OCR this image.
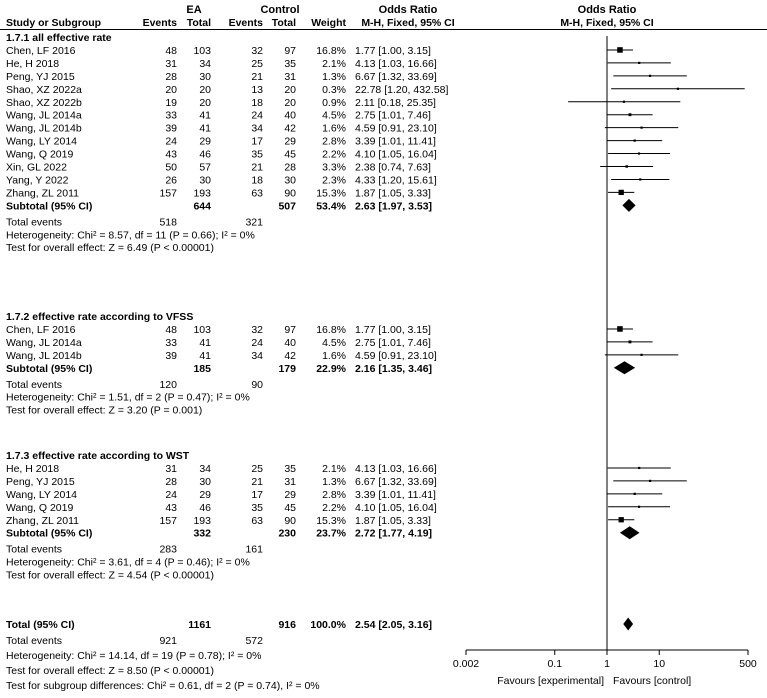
EA	Control	Odds Ratio	Odds Ratio
Study or Subgroup	Events Total Events Total Weight M-H, Fixed, 95% CI	M-H, Fixed, 95% CI
1.7.1 all effective rate
Chen, LF 2016	48 103	32 97 16.8% 1.77 [1.00, 3.15]
He, H 2018	31 34	25 35 2.1% 4.13 [1.03, 16.66]
Peng, YJ 2015	28 30	21 31 1.3% 6.67 [1.32, 33.69]
Shao, XZ 2022a	20 20	13 20 0.3% 22.78 [1.20, 432.58]
Shao, XZ 2022b	19 20	18 20 0.9% 2.11 [0.18, 25.35]
Wang, JL 2014a	33 41	24 40 4.5% 2.75 [1.01, 7.46]
Wang, JL 2014b	39 41	34 42 1.6% 4.59 [0.91, 23.10]
Wang, LY 2014	24 29	17 29 2.8% 3.39 [1.01, 11.41]
Wang, Q 2019	43 46	35 45 2.2% 4.10 [1.05, 16.04]
Xin, GL 2022	50 57	21 28 3.3% 2.38 [0.74, 7.63]
Yang, Y 2022	26 30	18 30 2.3% 4.33 [1.20, 15.61]
Zhang, ZL 2011	157 193	63 90 15.3% 1.87 [1.05, 3.33]
Subtotal (95% CI)	644	507 53.4% 2.63 [1.97, 3.53]
Total events	518	321
Heterogeneity: Chi² = 8.57, df = 11 (P = 0.66); I² = 0%
Test for overall effect: Z = 6.49 (P < 0.00001)
1.7.2 effective rate according to VFSS
Chen, LF 2016	48 103	32 97 16.8% 1.77 [1.00, 3.15]
Wang, JL 2014a	33 41	24 40 4.5% 2.75 [1.01, 7.46]
Wang, JL 2014b	39 41	34 42 1.6% 4.59 [0.91, 23.10]
Subtotal (95% CI)	185	179 22.9% 2.16 [1.35, 3.46]
Total events	120	90
Heterogeneity: Chi² = 1.51, df = 2 (P = 0.47); I² = 0%
Test for overall effect: Z = 3.20 (P = 0.001)
1.7.3 effective rate according to WST
He, H 2018	31 34	25 35 2.1% 4.13 [1.03, 16.66]
Peng, YJ 2015	28 30	21 31 1.3% 6.67 [1.32, 33.69]
Wang, LY 2014	24 29	17 29 2.8% 3.39 [1.01, 11.41]
Wang, Q 2019	43 46	35 45 2.2% 4.10 [1.05, 16.04]
Zhang, ZL 2011	157 193	63 90 15.3% 1.87 [1.05, 3.33]
Subtotal (95% CI)	332	230 23.7% 2.72 [1.77, 4.19]
Total events	283	161
Heterogeneity: Chi² = 3.61, df = 4 (P = 0.46); I² = 0%
Test for overall effect: Z = 4.54 (P < 0.00001)
Total (95% CI)	1161	916 100.0% 2.54 [2.05, 3.16]
Total events	921	572
Heterogeneity: Chi² = 14.14, df = 19 (P = 0.78); I² = 0%
Test for overall effect: Z = 8.50 (P < 0.00001)
Test for subgroup differences: Chi² = 0.61, df = 2 (P = 0.74), I² = 0%
0.002	0.1	1	10	500
Favours [experimental] Favours [control]
